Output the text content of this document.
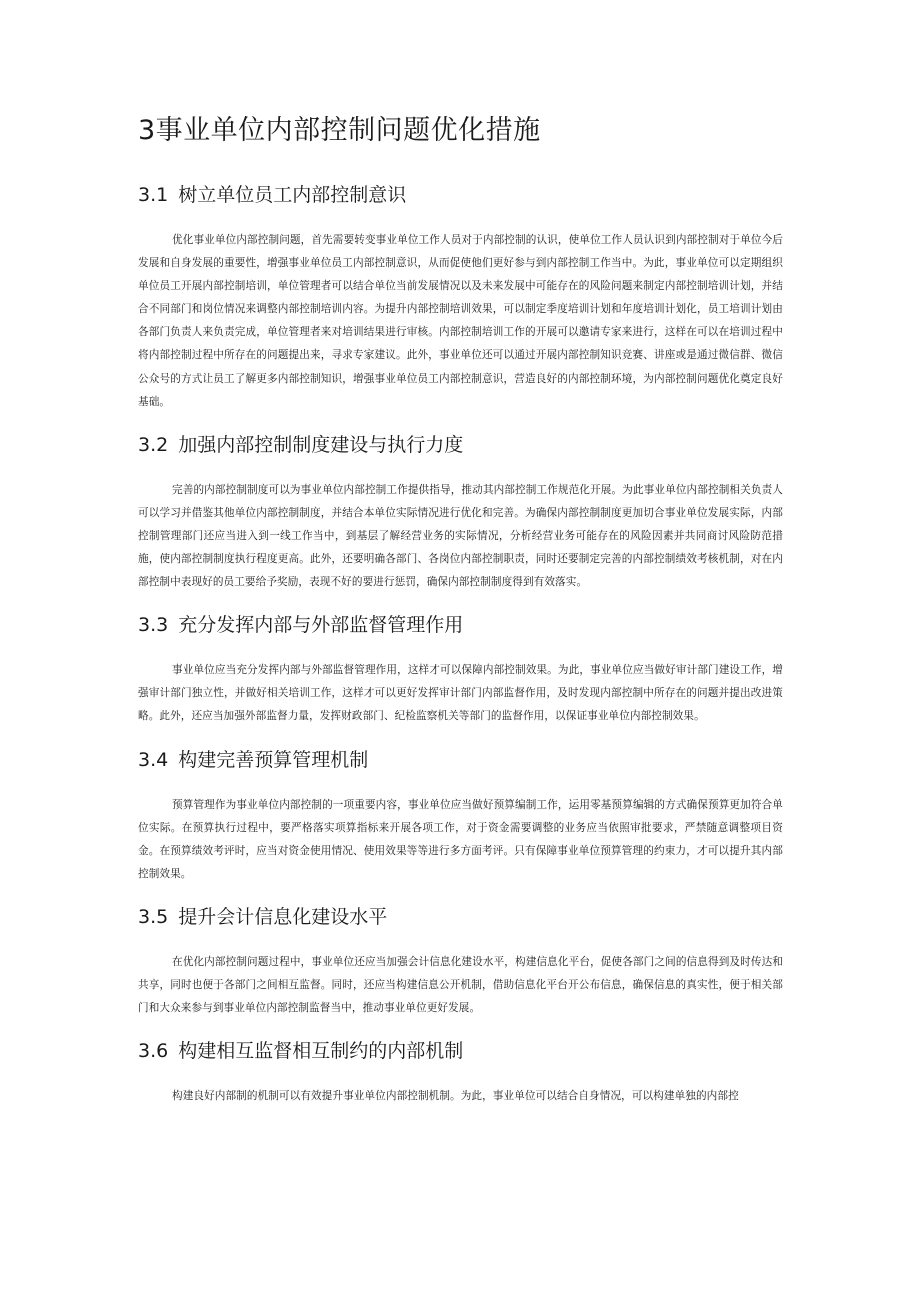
3事业单位内部控制问题优化措施
3.1 树立单位员工内部控制意识

优化事业单位内部控制问题，首先需要转变事业单位工作人员对于内部控制的认识，使单位工作人员认识到内部控制对于单位今后发展和自身发展的重要性，增强事业单位员工内部控制意识，从而促使他们更好参与到内部控制工作当中。为此，事业单位可以定期组织单位员工开展内部控制培训，单位管理者可以结合单位当前发展情况以及未来发展中可能存在的风险问题来制定内部控制培训计划，并结合不同部门和岗位情况来调整内部控制培训内容。为提升内部控制培训效果，可以制定季度培训计划和年度培训计划化，员工培训计划由各部门负责人来负责完成，单位管理者来对培训结果进行审核。内部控制培训工作的开展可以邀请专家来进行，这样在可以在培训过程中将内部控制过程中所存在的问题提出来，寻求专家建议。此外，事业单位还可以通过开展内部控制知识竞赛、讲座或是通过微信群、微信公众号的方式让员工了解更多内部控制知识，增强事业单位员工内部控制意识，营造良好的内部控制环境，为内部控制问题优化奠定良好基础。

3.2 加强内部控制制度建设与执行力度

完善的内部控制制度可以为事业单位内部控制工作提供指导，推动其内部控制工作规范化开展。为此事业单位内部控制相关负责人可以学习并借鉴其他单位内部控制制度，并结合本单位实际情况进行优化和完善。为确保内部控制制度更加切合事业单位发展实际，内部控制管理部门还应当进入到一线工作当中，到基层了解经营业务的实际情况，分析经营业务可能存在的风险因素并共同商讨风险防范措施，使内部控制制度执行程度更高。此外，还要明确各部门、各岗位内部控制职责，同时还要制定完善的内部控制绩效考核机制，对在内部控制中表现好的员工要给予奖励，表现不好的要进行惩罚，确保内部控制制度得到有效落实。

3.3 充分发挥内部与外部监督管理作用

事业单位应当充分发挥内部与外部监督管理作用，这样才可以保障内部控制效果。为此，事业单位应当做好审计部门建设工作，增强审计部门独立性，并做好相关培训工作，这样才可以更好发挥审计部门内部监督作用，及时发现内部控制中所存在的问题并提出改进策略。此外，还应当加强外部监督力量，发挥财政部门、纪检监察机关等部门的监督作用，以保证事业单位内部控制效果。

3.4 构建完善预算管理机制

预算管理作为事业单位内部控制的一项重要内容，事业单位应当做好预算编制工作，运用零基预算编辑的方式确保预算更加符合单位实际。在预算执行过程中，要严格落实项算指标来开展各项工作，对于资金需要调整的业务应当依照审批要求，严禁随意调整项目资金。在预算绩效考评时，应当对资金使用情况、使用效果等等进行多方面考评。只有保障事业单位预算管理的约束力，才可以提升其内部控制效果。

3.5 提升会计信息化建设水平

在优化内部控制问题过程中，事业单位还应当加强会计信息化建设水平，构建信息化平台，促使各部门之间的信息得到及时传达和共享，同时也便于各部门之间相互监督。同时，还应当构建信息公开机制，借助信息化平台开公布信息，确保信息的真实性，便于相关部门和大众来参与到事业单位内部控制监督当中，推动事业单位更好发展。

3.6 构建相互监督相互制约的内部机制

构建良好内部制的机制可以有效提升事业单位内部控制机制。为此，事业单位可以结合自身情况，可以构建单独的内部控
